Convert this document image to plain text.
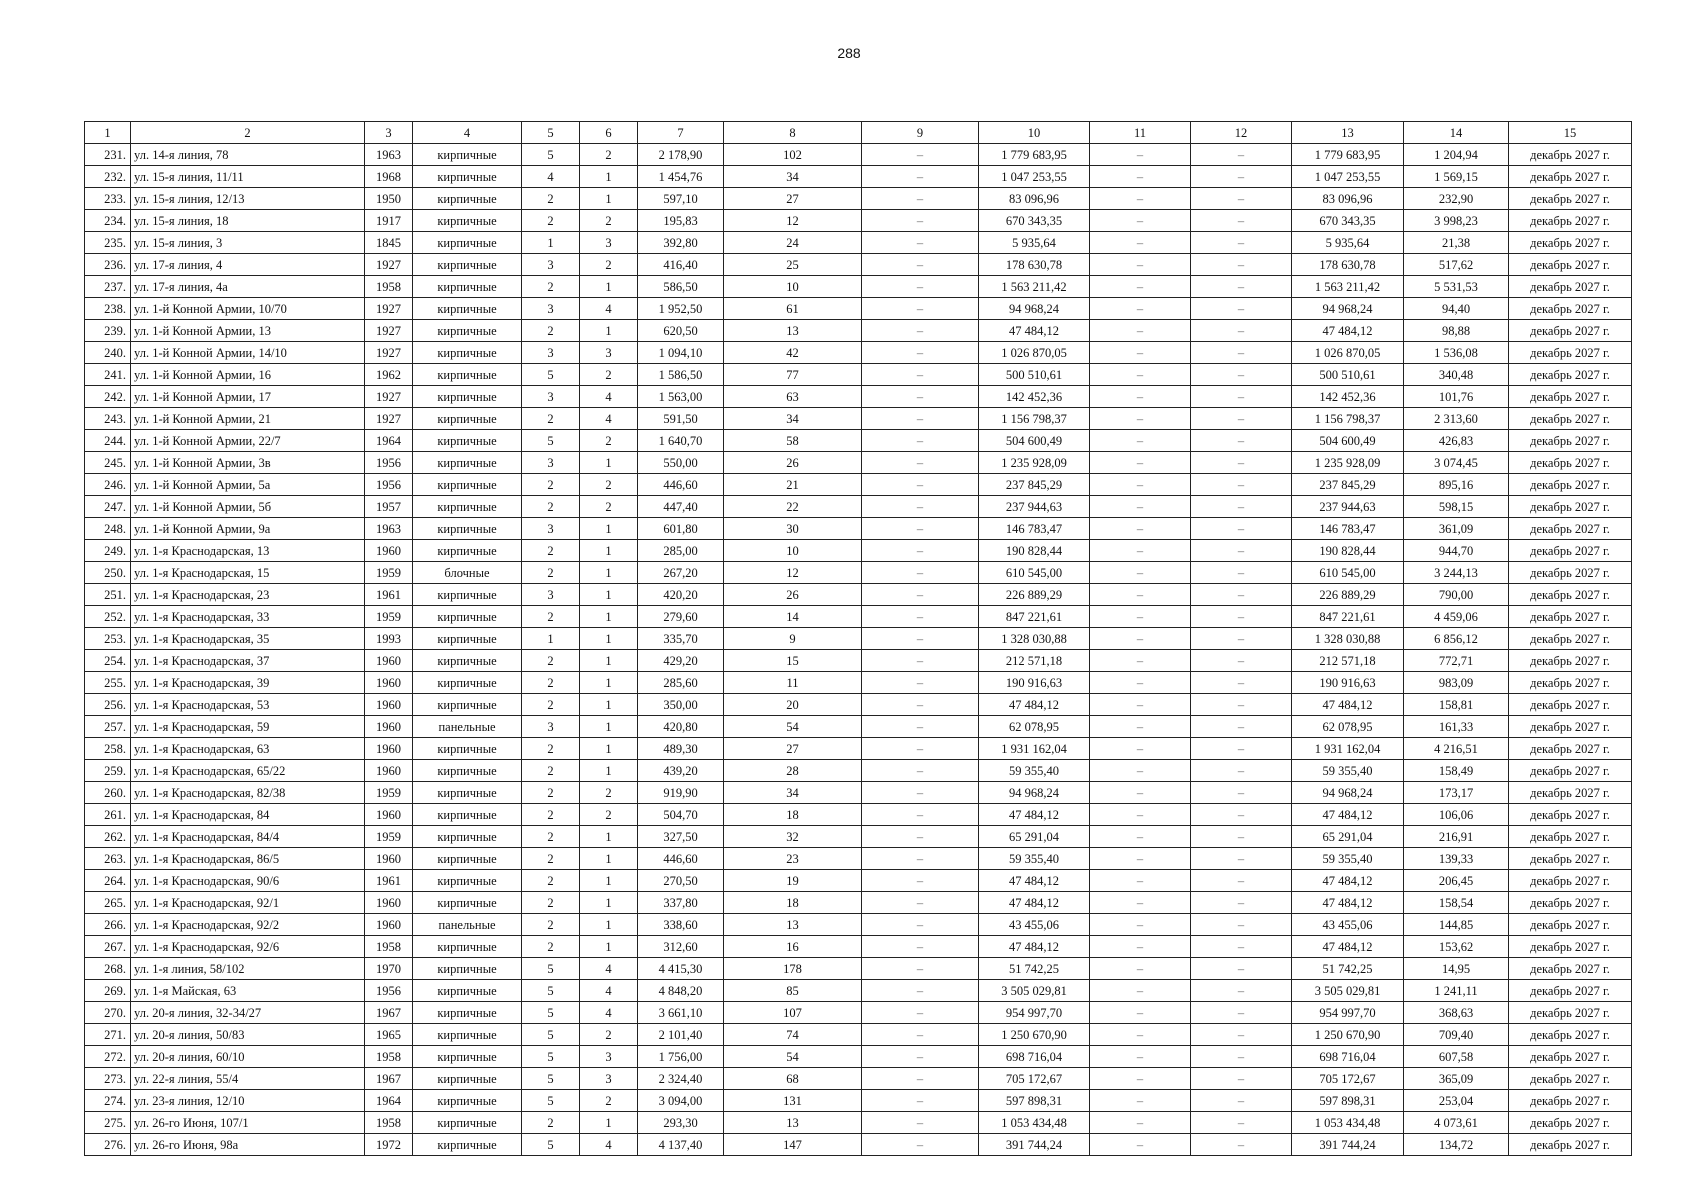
288
1	2	3	4	5	6	7	8	9	10	11	12	13	14	15
231.	ул. 14-я линия, 78	1963	кирпичные	5	2	2 178,90	102	–	1 779 683,95	–	–	1 779 683,95	1 204,94	декабрь 2027 г.
232.	ул. 15-я линия, 11/11	1968	кирпичные	4	1	1 454,76	34	–	1 047 253,55	–	–	1 047 253,55	1 569,15	декабрь 2027 г.
233.	ул. 15-я линия, 12/13	1950	кирпичные	2	1	597,10	27	–	83 096,96	–	–	83 096,96	232,90	декабрь 2027 г.
234.	ул. 15-я линия, 18	1917	кирпичные	2	2	195,83	12	–	670 343,35	–	–	670 343,35	3 998,23	декабрь 2027 г.
235.	ул. 15-я линия, 3	1845	кирпичные	1	3	392,80	24	–	5 935,64	–	–	5 935,64	21,38	декабрь 2027 г.
236.	ул. 17-я линия, 4	1927	кирпичные	3	2	416,40	25	–	178 630,78	–	–	178 630,78	517,62	декабрь 2027 г.
237.	ул. 17-я линия, 4а	1958	кирпичные	2	1	586,50	10	–	1 563 211,42	–	–	1 563 211,42	5 531,53	декабрь 2027 г.
238.	ул. 1-й Конной Армии, 10/70	1927	кирпичные	3	4	1 952,50	61	–	94 968,24	–	–	94 968,24	94,40	декабрь 2027 г.
239.	ул. 1-й Конной Армии, 13	1927	кирпичные	2	1	620,50	13	–	47 484,12	–	–	47 484,12	98,88	декабрь 2027 г.
240.	ул. 1-й Конной Армии, 14/10	1927	кирпичные	3	3	1 094,10	42	–	1 026 870,05	–	–	1 026 870,05	1 536,08	декабрь 2027 г.
241.	ул. 1-й Конной Армии, 16	1962	кирпичные	5	2	1 586,50	77	–	500 510,61	–	–	500 510,61	340,48	декабрь 2027 г.
242.	ул. 1-й Конной Армии, 17	1927	кирпичные	3	4	1 563,00	63	–	142 452,36	–	–	142 452,36	101,76	декабрь 2027 г.
243.	ул. 1-й Конной Армии, 21	1927	кирпичные	2	4	591,50	34	–	1 156 798,37	–	–	1 156 798,37	2 313,60	декабрь 2027 г.
244.	ул. 1-й Конной Армии, 22/7	1964	кирпичные	5	2	1 640,70	58	–	504 600,49	–	–	504 600,49	426,83	декабрь 2027 г.
245.	ул. 1-й Конной Армии, 3в	1956	кирпичные	3	1	550,00	26	–	1 235 928,09	–	–	1 235 928,09	3 074,45	декабрь 2027 г.
246.	ул. 1-й Конной Армии, 5а	1956	кирпичные	2	2	446,60	21	–	237 845,29	–	–	237 845,29	895,16	декабрь 2027 г.
247.	ул. 1-й Конной Армии, 5б	1957	кирпичные	2	2	447,40	22	–	237 944,63	–	–	237 944,63	598,15	декабрь 2027 г.
248.	ул. 1-й Конной Армии, 9а	1963	кирпичные	3	1	601,80	30	–	146 783,47	–	–	146 783,47	361,09	декабрь 2027 г.
249.	ул. 1-я Краснодарская, 13	1960	кирпичные	2	1	285,00	10	–	190 828,44	–	–	190 828,44	944,70	декабрь 2027 г.
250.	ул. 1-я Краснодарская, 15	1959	блочные	2	1	267,20	12	–	610 545,00	–	–	610 545,00	3 244,13	декабрь 2027 г.
251.	ул. 1-я Краснодарская, 23	1961	кирпичные	3	1	420,20	26	–	226 889,29	–	–	226 889,29	790,00	декабрь 2027 г.
252.	ул. 1-я Краснодарская, 33	1959	кирпичные	2	1	279,60	14	–	847 221,61	–	–	847 221,61	4 459,06	декабрь 2027 г.
253.	ул. 1-я Краснодарская, 35	1993	кирпичные	1	1	335,70	9	–	1 328 030,88	–	–	1 328 030,88	6 856,12	декабрь 2027 г.
254.	ул. 1-я Краснодарская, 37	1960	кирпичные	2	1	429,20	15	–	212 571,18	–	–	212 571,18	772,71	декабрь 2027 г.
255.	ул. 1-я Краснодарская, 39	1960	кирпичные	2	1	285,60	11	–	190 916,63	–	–	190 916,63	983,09	декабрь 2027 г.
256.	ул. 1-я Краснодарская, 53	1960	кирпичные	2	1	350,00	20	–	47 484,12	–	–	47 484,12	158,81	декабрь 2027 г.
257.	ул. 1-я Краснодарская, 59	1960	панельные	3	1	420,80	54	–	62 078,95	–	–	62 078,95	161,33	декабрь 2027 г.
258.	ул. 1-я Краснодарская, 63	1960	кирпичные	2	1	489,30	27	–	1 931 162,04	–	–	1 931 162,04	4 216,51	декабрь 2027 г.
259.	ул. 1-я Краснодарская, 65/22	1960	кирпичные	2	1	439,20	28	–	59 355,40	–	–	59 355,40	158,49	декабрь 2027 г.
260.	ул. 1-я Краснодарская, 82/38	1959	кирпичные	2	2	919,90	34	–	94 968,24	–	–	94 968,24	173,17	декабрь 2027 г.
261.	ул. 1-я Краснодарская, 84	1960	кирпичные	2	2	504,70	18	–	47 484,12	–	–	47 484,12	106,06	декабрь 2027 г.
262.	ул. 1-я Краснодарская, 84/4	1959	кирпичные	2	1	327,50	32	–	65 291,04	–	–	65 291,04	216,91	декабрь 2027 г.
263.	ул. 1-я Краснодарская, 86/5	1960	кирпичные	2	1	446,60	23	–	59 355,40	–	–	59 355,40	139,33	декабрь 2027 г.
264.	ул. 1-я Краснодарская, 90/6	1961	кирпичные	2	1	270,50	19	–	47 484,12	–	–	47 484,12	206,45	декабрь 2027 г.
265.	ул. 1-я Краснодарская, 92/1	1960	кирпичные	2	1	337,80	18	–	47 484,12	–	–	47 484,12	158,54	декабрь 2027 г.
266.	ул. 1-я Краснодарская, 92/2	1960	панельные	2	1	338,60	13	–	43 455,06	–	–	43 455,06	144,85	декабрь 2027 г.
267.	ул. 1-я Краснодарская, 92/6	1958	кирпичные	2	1	312,60	16	–	47 484,12	–	–	47 484,12	153,62	декабрь 2027 г.
268.	ул. 1-я линия, 58/102	1970	кирпичные	5	4	4 415,30	178	–	51 742,25	–	–	51 742,25	14,95	декабрь 2027 г.
269.	ул. 1-я Майская, 63	1956	кирпичные	5	4	4 848,20	85	–	3 505 029,81	–	–	3 505 029,81	1 241,11	декабрь 2027 г.
270.	ул. 20-я линия, 32-34/27	1967	кирпичные	5	4	3 661,10	107	–	954 997,70	–	–	954 997,70	368,63	декабрь 2027 г.
271.	ул. 20-я линия, 50/83	1965	кирпичные	5	2	2 101,40	74	–	1 250 670,90	–	–	1 250 670,90	709,40	декабрь 2027 г.
272.	ул. 20-я линия, 60/10	1958	кирпичные	5	3	1 756,00	54	–	698 716,04	–	–	698 716,04	607,58	декабрь 2027 г.
273.	ул. 22-я линия, 55/4	1967	кирпичные	5	3	2 324,40	68	–	705 172,67	–	–	705 172,67	365,09	декабрь 2027 г.
274.	ул. 23-я линия, 12/10	1964	кирпичные	5	2	3 094,00	131	–	597 898,31	–	–	597 898,31	253,04	декабрь 2027 г.
275.	ул. 26-го Июня, 107/1	1958	кирпичные	2	1	293,30	13	–	1 053 434,48	–	–	1 053 434,48	4 073,61	декабрь 2027 г.
276.	ул. 26-го Июня, 98а	1972	кирпичные	5	4	4 137,40	147	–	391 744,24	–	–	391 744,24	134,72	декабрь 2027 г.
